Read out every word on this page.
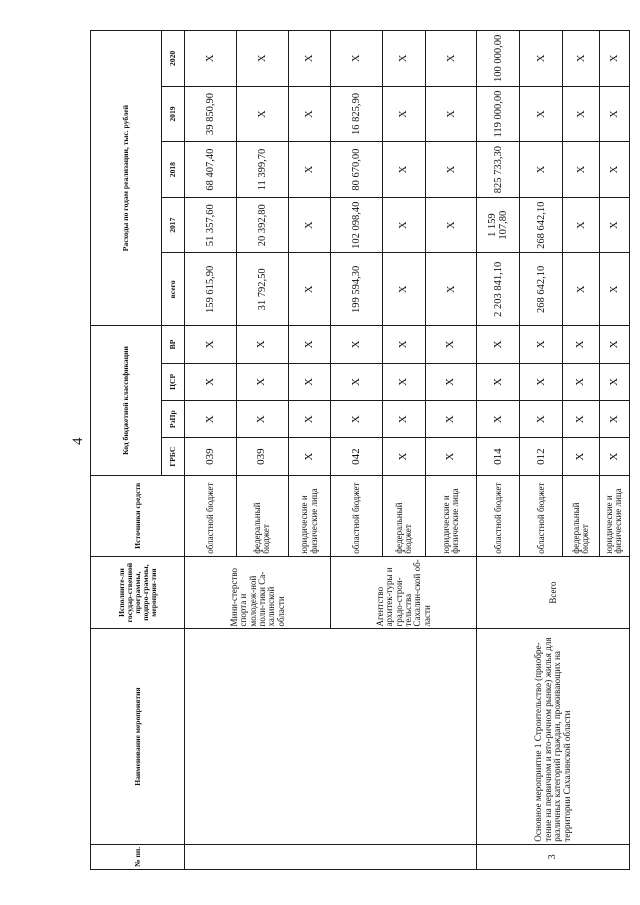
4
№ пп.	Наименование мероприятия	Исполните-ли государ-ственной программы, подпро-граммы, мероприя-тия	Источники средств	Код бюджетной классификации				Расходы по годам реализации, тыс. рублей				
				ГРБС	РзПр	ЦСР	ВР	всего	2017	2018	2019	2020
		Мини-стерство спорта и молодеж-ной поли-тики Са-халинской области	областной бюджет	039	X	X	X	159 615,90	51 357,60	68 407,40	39 850,90	X
			федеральный бюджет	039	X	X	X	31 792,50	20 392,80	11 399,70	X	X
			юридические и физические лица	X	X	X	X	X	X	X	X	X
		Агентство архитек-туры и градо-строи-тельства Сахалин-ской об-ласти	областной бюджет	042	X	X	X	199 594,30	102 098,40	80 670,00	16 825,90	X
			федеральный бюджет	X	X	X	X	X	X	X	X	X
			юридические и физические лица	X	X	X	X	X	X	X	X	X
3	Основное мероприятие 1 Строительство (приобре-тение на первичном и вто-ричном рынке) жилья для различных категорий граждан, проживающих на территории Сахалинской области	Всего	областной бюджет	014	X	X	X	2 203 841,10	1 159 107,80	825 733,30	119 000,00	100 000,00
			областной бюджет	012	X	X	X	268 642,10	268 642,10	X	X	X
			федеральный бюджет	X	X	X	X	X	X	X	X	X
			юридические и физические лица	X	X	X	X	X	X	X	X	X
